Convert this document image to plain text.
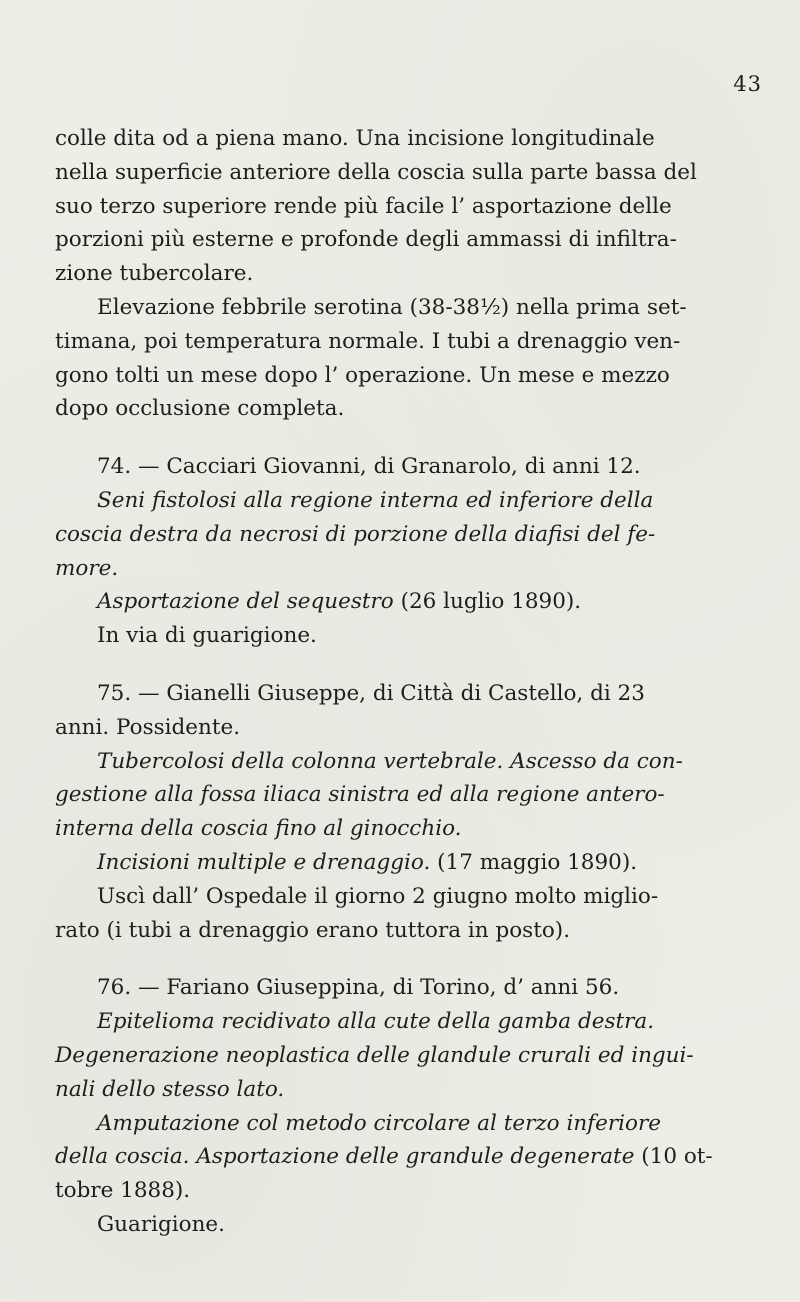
43

colle dita od a piena mano. Una incisione longitudinale
nella superficie anteriore della coscia sulla parte bassa del
suo terzo superiore rende più facile l’ asportazione delle
porzioni più esterne e profonde degli ammassi di infiltra-
zione tubercolare.

Elevazione febbrile serotina (38-38½) nella prima set-
timana, poi temperatura normale. I tubi a drenaggio ven-
gono tolti un mese dopo l’ operazione. Un mese e mezzo
dopo occlusione completa.

74. — Cacciari Giovanni, di Granarolo, di anni 12.

Seni fistolosi alla regione interna ed inferiore della
coscia destra da necrosi di porzione della diafisi del fe-
more.

Asportazione del sequestro (26 luglio 1890).

In via di guarigione.

75. — Gianelli Giuseppe, di Città di Castello, di 23
anni. Possidente.

Tubercolosi della colonna vertebrale. Ascesso da con-
gestione alla fossa iliaca sinistra ed alla regione antero-
interna della coscia fino al ginocchio.

Incisioni multiple e drenaggio. (17 maggio 1890).

Uscì dall’ Ospedale il giorno 2 giugno molto miglio-
rato (i tubi a drenaggio erano tuttora in posto).

76. — Fariano Giuseppina, di Torino, d’ anni 56.

Epitelioma recidivato alla cute della gamba destra.
Degenerazione neoplastica delle glandule crurali ed ingui-
nali dello stesso lato.

Amputazione col metodo circolare al terzo inferiore
della coscia. Asportazione delle grandule degenerate (10 ot-
tobre 1888).

Guarigione.
